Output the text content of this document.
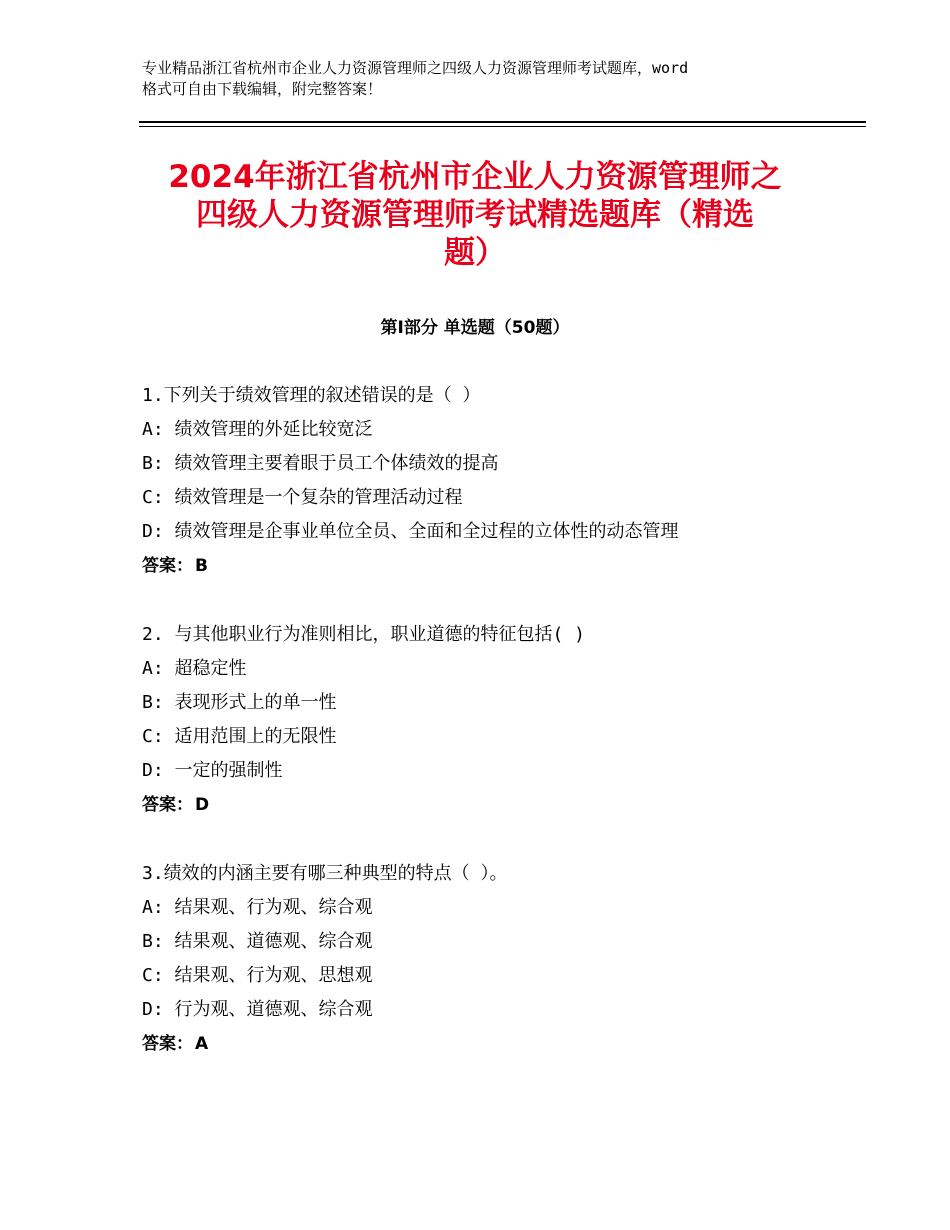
专业精品浙江省杭州市企业人力资源管理师之四级人力资源管理师考试题库，word
格式可自由下载编辑，附完整答案！
2024年浙江省杭州市企业人力资源管理师之
四级人力资源管理师考试精选题库（精选
题）
第Ⅰ部分 单选题（50题）
1.下列关于绩效管理的叙述错误的是（ ）
A: 绩效管理的外延比较宽泛
B: 绩效管理主要着眼于员工个体绩效的提高
C: 绩效管理是一个复杂的管理活动过程
D: 绩效管理是企事业单位全员、全面和全过程的立体性的动态管理
答案： B
2. 与其他职业行为准则相比，职业道德的特征包括( )
A: 超稳定性
B: 表现形式上的单一性
C: 适用范围上的无限性
D: 一定的强制性
答案： D
3.绩效的内涵主要有哪三种典型的特点（ ）。
A: 结果观、行为观、综合观
B: 结果观、道德观、综合观
C: 结果观、行为观、思想观
D: 行为观、道德观、综合观
答案： A
